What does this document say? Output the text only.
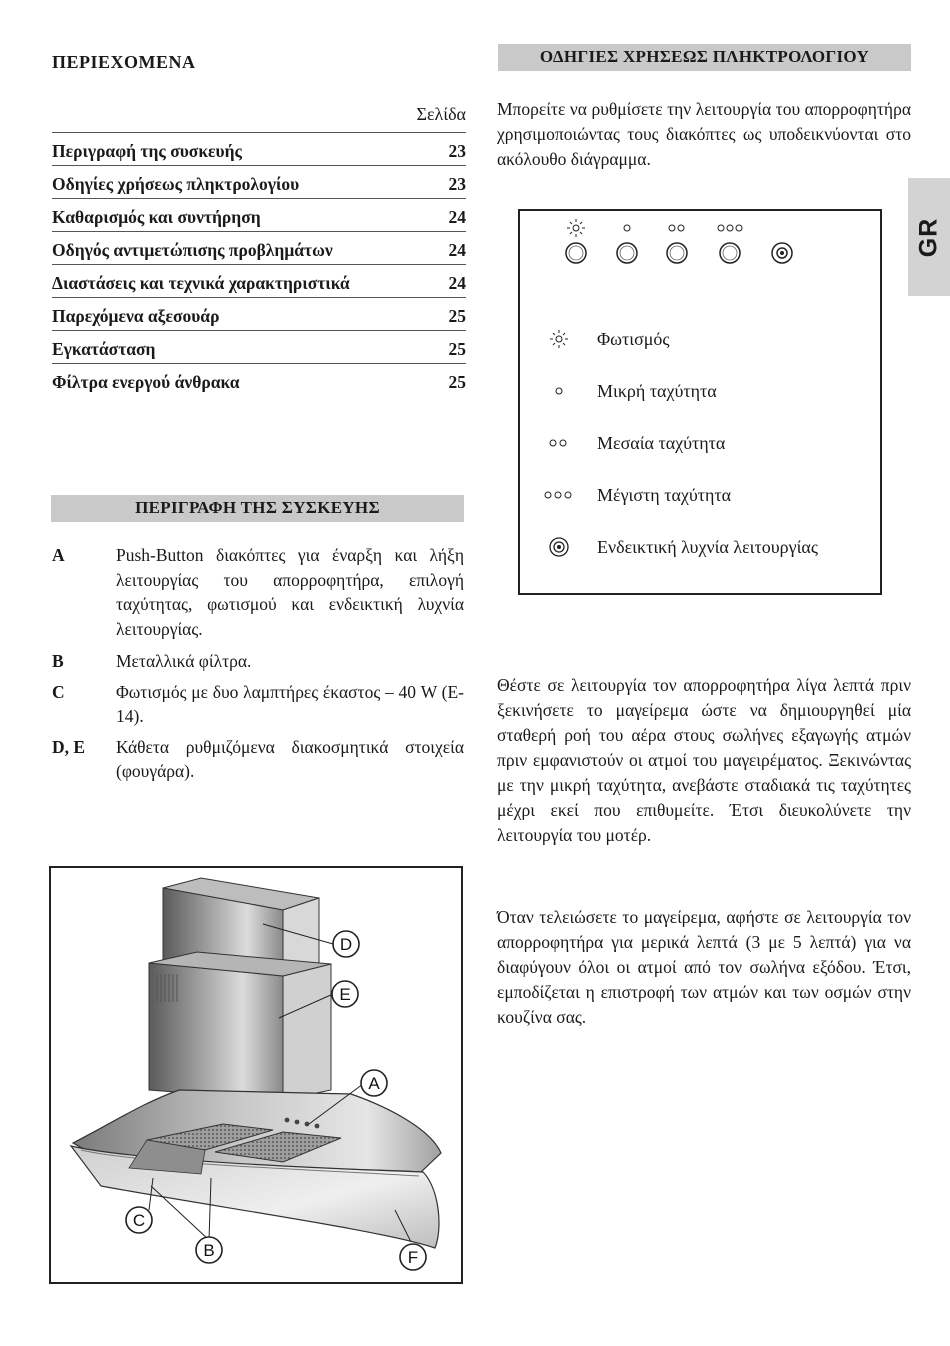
ΠΕΡΙΕΧΟΜΕΝΑ
Σελίδα
Περιγραφή της συσκευής	23
Οδηγίες χρήσεως πληκτρολογίου	23
Καθαρισμός και συντήρηση	24
Οδηγός αντιμετώπισης προβλημάτων	24
Διαστάσεις και τεχνικά χαρακτηριστικά	24
Παρεχόμενα αξεσουάρ	25
Εγκατάσταση	25
Φίλτρα ενεργού άνθρακα	25
ΠΕΡΙΓΡΑΦΗ ΤΗΣ ΣΥΣΚΕΥΗΣ
A	Push-Button διακόπτες για έναρξη και λήξη λειτουργίας του απορροφητήρα, επιλογή ταχύτητας, φωτισμού και ενδεικτική λυχνία λειτουργίας.
B	Μεταλλικά φίλτρα.
C	Φωτισμός με δυο λαμπτήρες έκαστος – 40 W (E-14).
D, E	Κάθετα ρυθμιζόμενα διακοσμητικά στοιχεία (φουγάρα).
D
E
A
C
B	F
ΟΔΗΓΙΕΣ ΧΡΗΣΕΩΣ ΠΛΗΚΤΡΟΛΟΓΙΟΥ
Μπορείτε να ρυθμίσετε την λειτουργία του απορροφητήρα χρησιμοποιώντας τους διακόπτες ως υποδεικνύονται στο ακόλουθο διάγραμμα.
Φωτισμός
Μικρή ταχύτητα
Μεσαία ταχύτητα
Μέγιστη ταχύτητα
Ενδεικτική λυχνία λειτουργίας
Θέστε σε λειτουργία τον απορροφητήρα λίγα λεπτά πριν ξεκινήσετε το μαγείρεμα ώστε να δημιουργηθεί μία σταθερή ροή του αέρα στους σωλήνες εξαγωγής ατμών πριν εμφανιστούν οι ατμοί του μαγειρέματος. Ξεκινώντας με την μικρή ταχύτητα, ανεβάστε σταδιακά τις ταχύτητες μέχρι εκεί που επιθυμείτε. Έτσι διευκολύνετε την λειτουργία του μοτέρ.
Όταν τελειώσετε το μαγείρεμα, αφήστε σε λειτουργία τον απορροφητήρα για μερικά λεπτά (3 με 5 λεπτά) για να διαφύγουν όλοι οι ατμοί από τον σωλήνα εξόδου. Έτσι, εμποδίζεται η επιστροφή των ατμών και των οσμών στην κουζίνα σας.
GR
